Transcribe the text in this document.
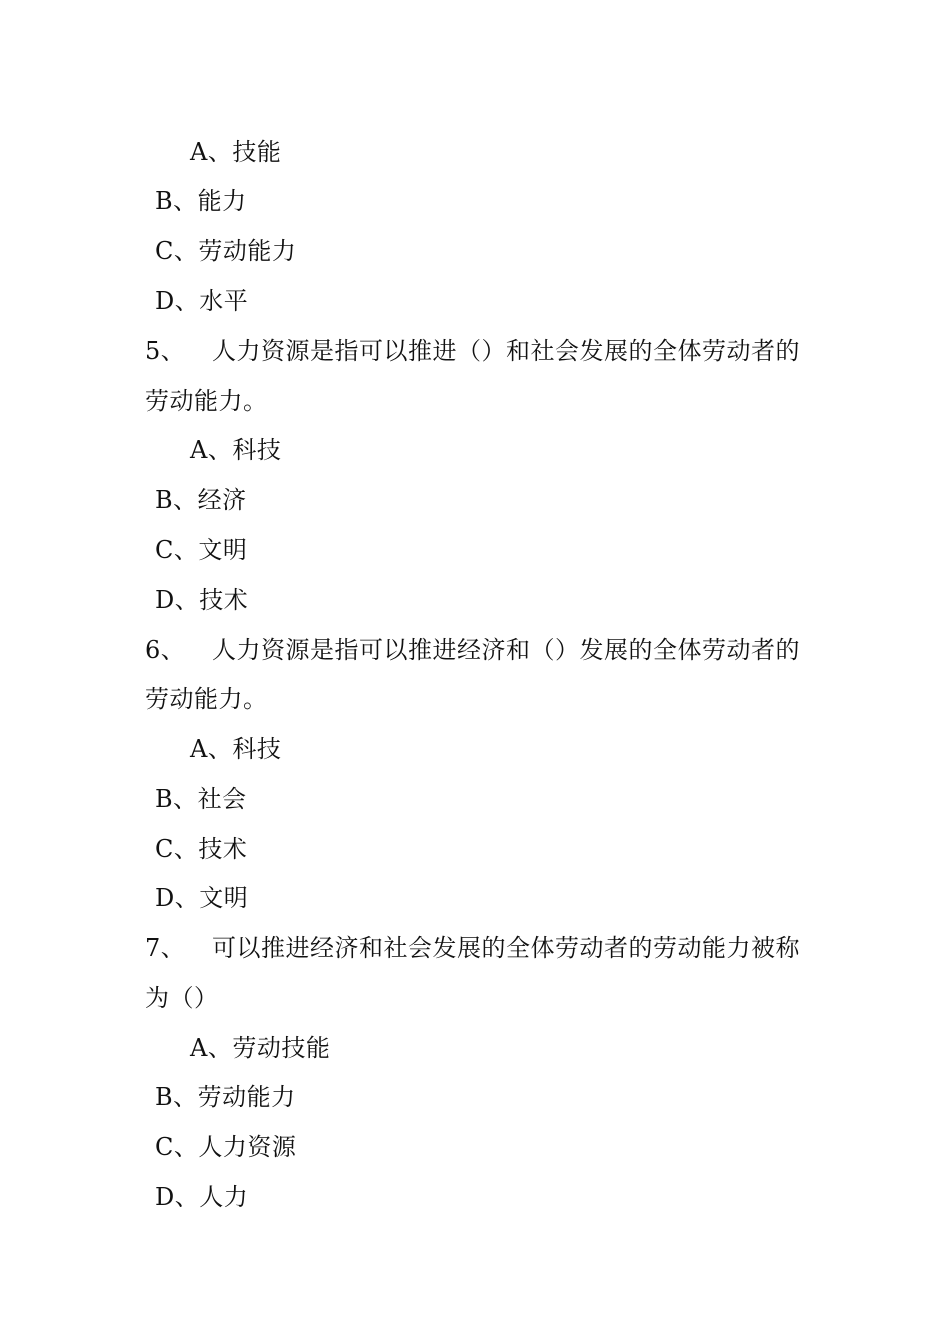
A、技能
B、能力
C、劳动能力
D、水平
5、 人力资源是指可以推进（）和社会发展的全体劳动者的
劳动能力。
A、科技
B、经济
C、文明
D、技术
6、 人力资源是指可以推进经济和（）发展的全体劳动者的
劳动能力。
A、科技
B、社会
C、技术
D、文明
7、 可以推进经济和社会发展的全体劳动者的劳动能力被称
为（）
A、劳动技能
B、劳动能力
C、人力资源
D、人力
